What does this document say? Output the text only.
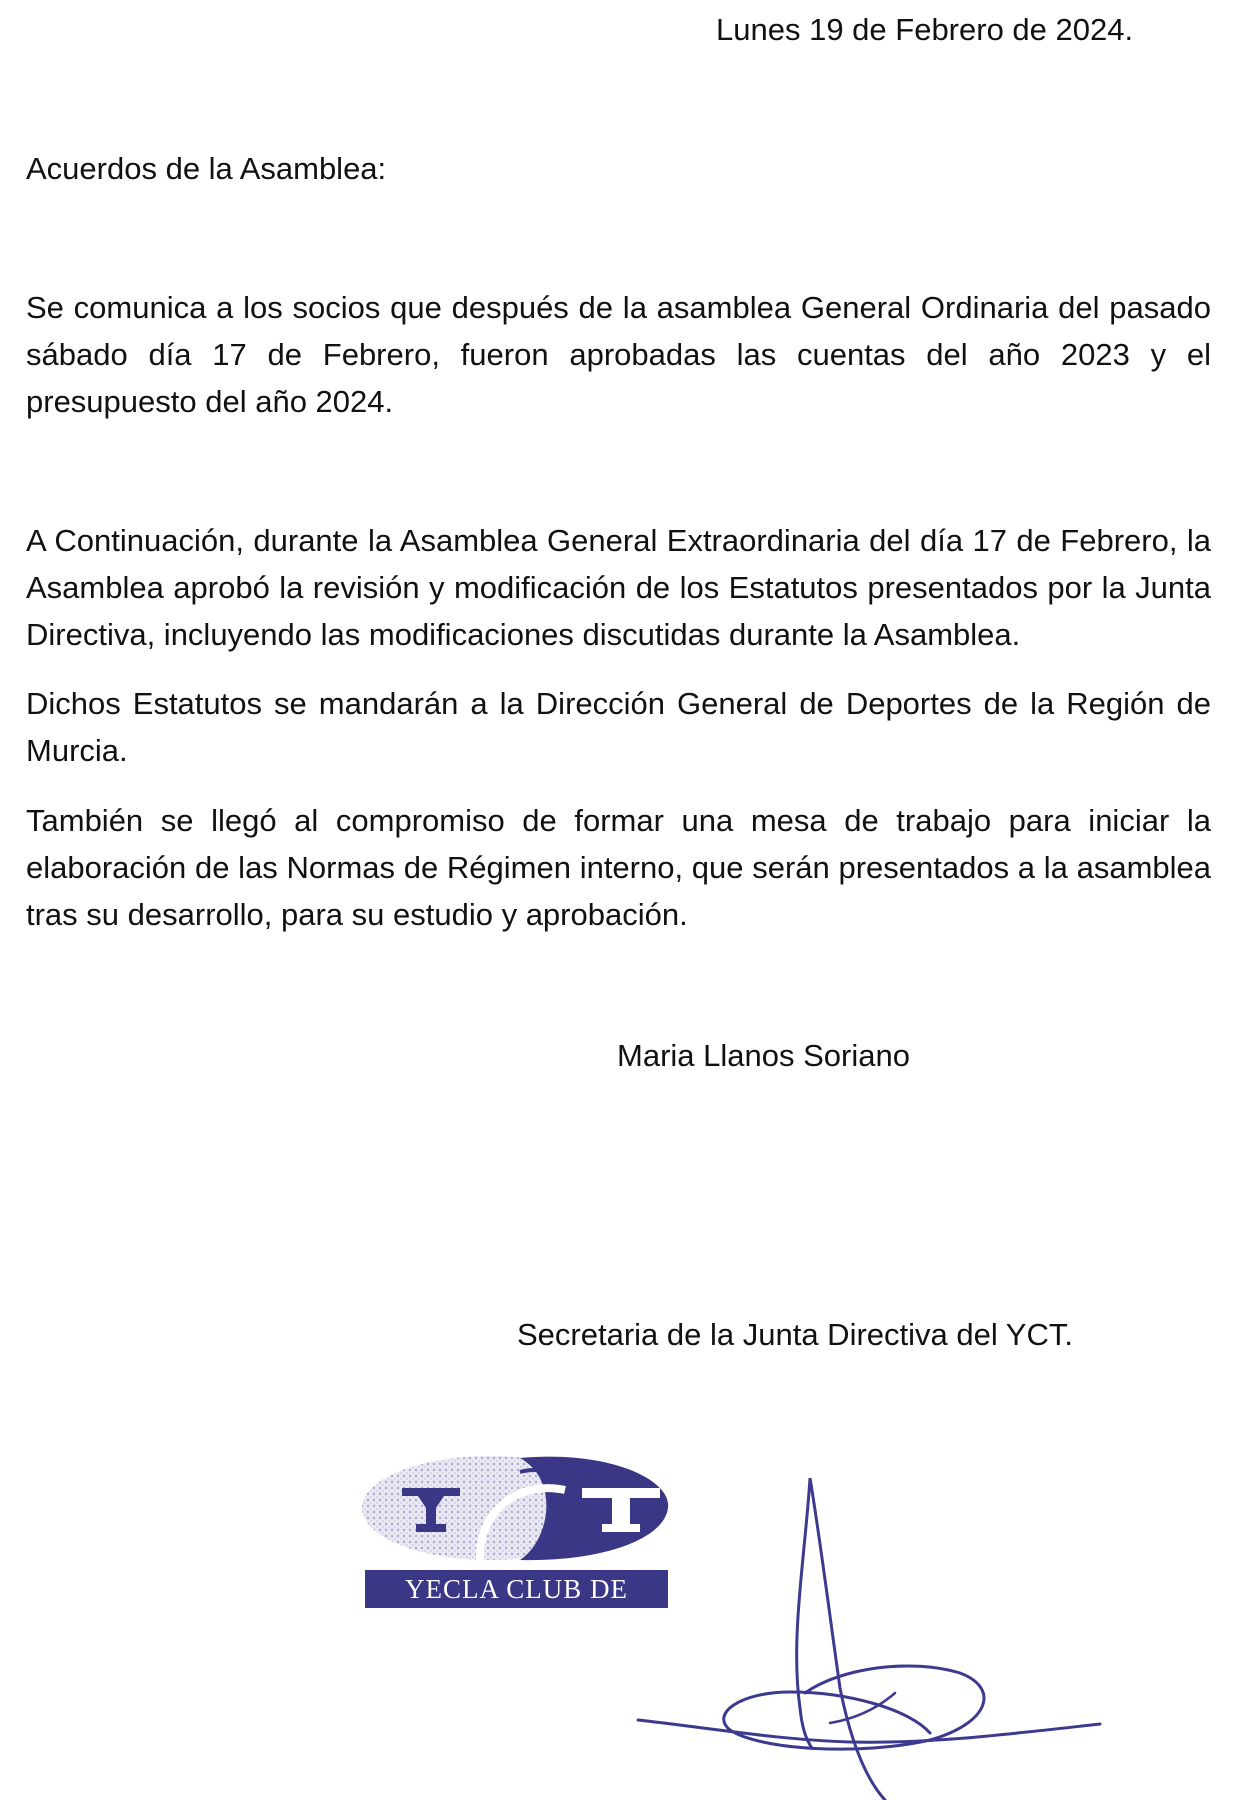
Lunes 19 de Febrero de 2024.
Acuerdos de la Asamblea:

Se comunica a los socios que después de la asamblea General Ordinaria del pasado sábado día 17 de Febrero, fueron aprobadas las cuentas del año 2023 y el presupuesto del año 2024.

A Continuación, durante la Asamblea General Extraordinaria del día 17 de Febrero, la Asamblea aprobó la revisión y modificación de los Estatutos presentados por la Junta Directiva, incluyendo las modificaciones discutidas durante la Asamblea.

Dichos Estatutos se mandarán a la Dirección General de Deportes de la Región de Murcia.

También se llegó al compromiso de formar una mesa de trabajo para iniciar la elaboración de las Normas de Régimen interno, que serán presentados a la asamblea tras su desarrollo, para su estudio y aprobación.

Maria Llanos Soriano
Secretaria de la Junta Directiva del YCT.
YECLA CLUB DE TENIS
